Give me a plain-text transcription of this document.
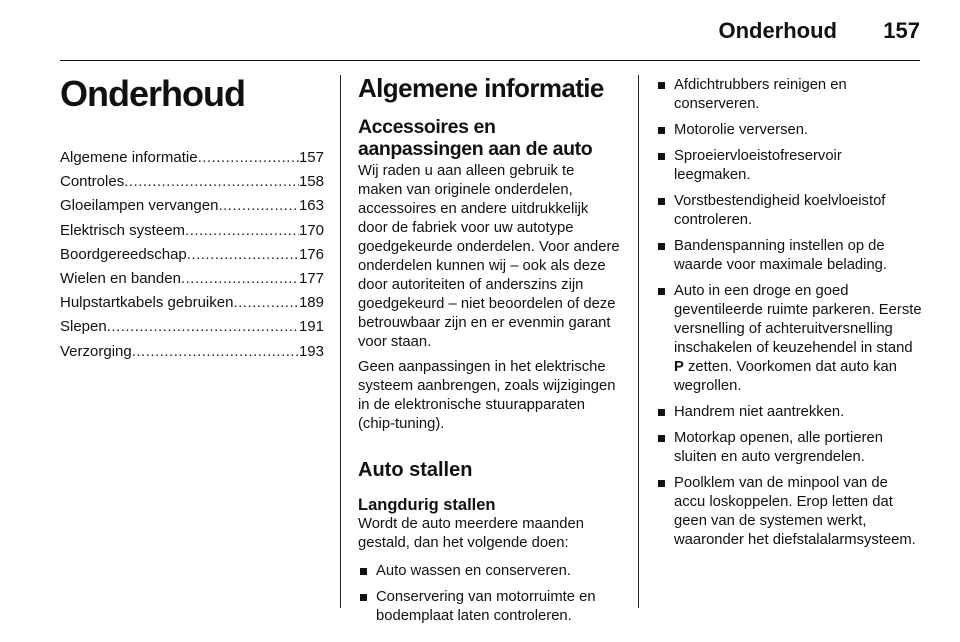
Onderhoud 157
Onderhoud
Algemene informatie .....	157
Controles .....	158
Gloeilampen vervangen .....	163
Elektrisch systeem .....	170
Boordgereedschap .....	176
Wielen en banden .....	177
Hulpstartkabels gebruiken .....	189
Slepen .....	191
Verzorging .....	193
Algemene informatie
Accessoires en aanpassingen aan de auto

Wij raden u aan alleen gebruik te maken van originele onderdelen, accessoires en andere uitdrukkelijk door de fabriek voor uw autotype goedgekeurde onderdelen. Voor andere onderdelen kunnen wij – ook als deze door autoriteiten of anderszins zijn goedgekeurd – niet beoordelen of deze betrouwbaar zijn en er evenmin garant voor staan.

Geen aanpassingen in het elektrische systeem aanbrengen, zoals wijzigingen in de elektronische stuurapparaten (chip-tuning).

Auto stallen
Langdurig stallen

Wordt de auto meerdere maanden gestald, dan het volgende doen:

Auto wassen en conserveren.
Conservering van motorruimte en bodemplaat laten controleren.
Afdichtrubbers reinigen en conserveren.
Motorolie verversen.
Sproeiervloeistofreservoir leegmaken.
Vorstbestendigheid koelvloeistof controleren.
Bandenspanning instellen op de waarde voor maximale belading.
Auto in een droge en goed geventileerde ruimte parkeren. Eerste versnelling of achteruitversnelling inschakelen of keuzehendel in stand P zetten. Voorkomen dat auto kan wegrollen.
Handrem niet aantrekken.
Motorkap openen, alle portieren sluiten en auto vergrendelen.
Poolklem van de minpool van de accu loskoppelen. Erop letten dat geen van de systemen werkt, waaronder het diefstalalarmsysteem.
